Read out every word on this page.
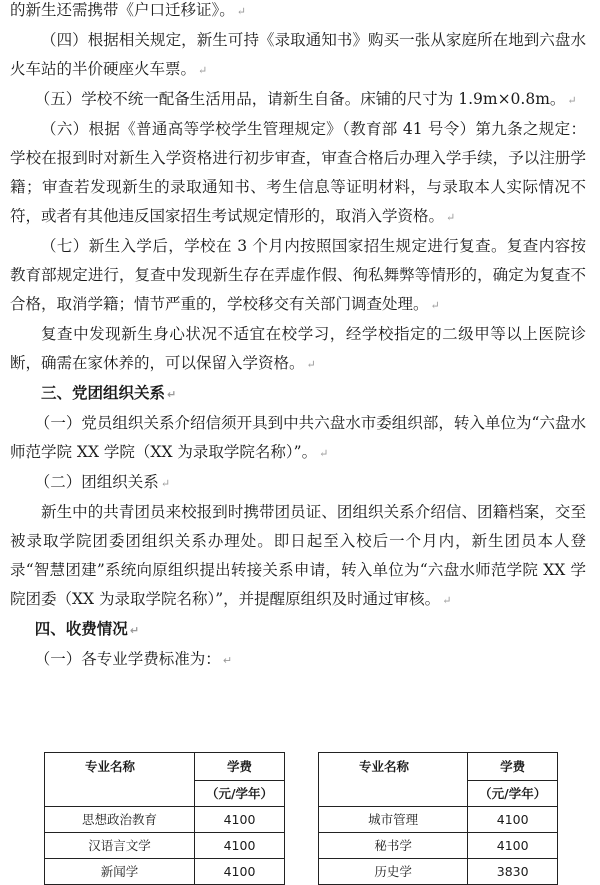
的新生还需携带《户口迁移证》。 ↵

（四）根据相关规定，新生可持《录取通知书》购买一张从家庭所在地到六盘水火车站的半价硬座火车票。 ↵

（五）学校不统一配备生活用品，请新生自备。床铺的尺寸为 1.9m×0.8m。 ↵

（六）根据《普通高等学校学生管理规定》（教育部 41 号令）第九条之规定：学校在报到时对新生入学资格进行初步审查，审查合格后办理入学手续，予以注册学籍；审查若发现新生的录取通知书、考生信息等证明材料，与录取本人实际情况不符，或者有其他违反国家招生考试规定情形的，取消入学资格。 ↵

（七）新生入学后，学校在 3 个月内按照国家招生规定进行复查。复查内容按教育部规定进行，复查中发现新生存在弄虚作假、徇私舞弊等情形的，确定为复查不合格，取消学籍；情节严重的，学校移交有关部门调查处理。 ↵

复查中发现新生身心状况不适宜在校学习，经学校指定的二级甲等以上医院诊断，确需在家休养的，可以保留入学资格。 ↵

三、党团组织关系 ↵

（一）党员组织关系介绍信须开具到中共六盘水市委组织部，转入单位为“六盘水师范学院 XX 学院（XX 为录取学院名称）”。 ↵

（二）团组织关系 ↵

新生中的共青团员来校报到时携带团员证、团组织关系介绍信、团籍档案，交至被录取学院团委团组织关系办理处。即日起至入校后一个月内，新生团员本人登录“智慧团建”系统向原组织提出转接关系申请，转入单位为“六盘水师范学院 XX 学院团委（XX 为录取学院名称）”，并提醒原组织及时通过审核。 ↵

四、收费情况 ↵

（一）各专业学费标准为： ↵

专业名称	学费
	（元/学年）
思想政治教育	4100
汉语言文学	4100
新闻学	4100
专业名称	学费
	（元/学年）
城市管理	4100
秘书学	4100
历史学	3830
